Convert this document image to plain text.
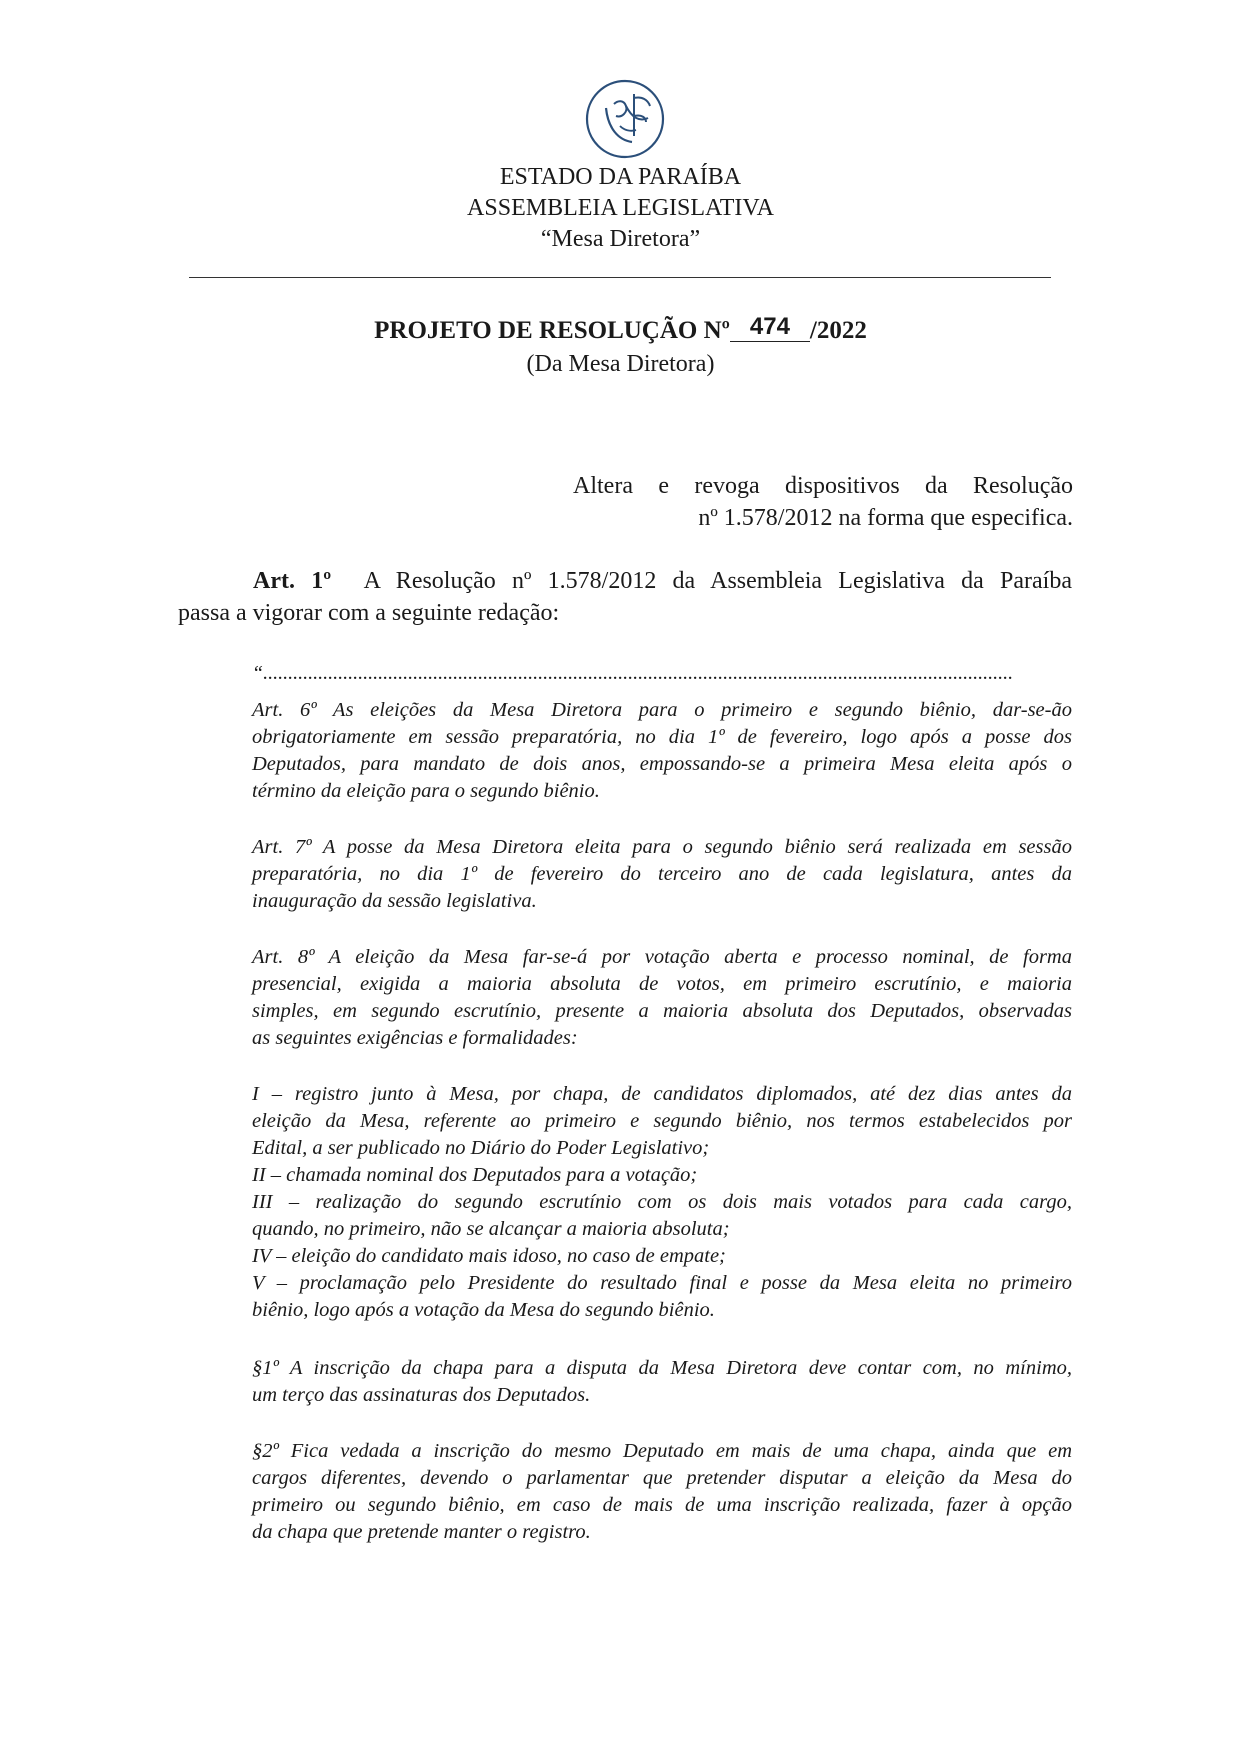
ESTADO DA PARAÍBA
ASSEMBLEIA LEGISLATIVA
“Mesa Diretora”
PROJETO DE RESOLUÇÃO Nº 474 /2022
(Da Mesa Diretora)
Altera e revoga dispositivos da Resolução
nº 1.578/2012 na forma que especifica.
Art. 1º A Resolução nº 1.578/2012 da Assembleia Legislativa da Paraíba
passa a vigorar com a seguinte redação:
“......................................................................................................................................................
Art. 6º As eleições da Mesa Diretora para o primeiro e segundo biênio, dar-se-ão
obrigatoriamente em sessão preparatória, no dia 1º de fevereiro, logo após a posse dos
Deputados, para mandato de dois anos, empossando-se a primeira Mesa eleita após o
término da eleição para o segundo biênio.
Art. 7º A posse da Mesa Diretora eleita para o segundo biênio será realizada em sessão
preparatória, no dia 1º de fevereiro do terceiro ano de cada legislatura, antes da
inauguração da sessão legislativa.
Art. 8º A eleição da Mesa far-se-á por votação aberta e processo nominal, de forma
presencial, exigida a maioria absoluta de votos, em primeiro escrutínio, e maioria
simples, em segundo escrutínio, presente a maioria absoluta dos Deputados, observadas
as seguintes exigências e formalidades:
I – registro junto à Mesa, por chapa, de candidatos diplomados, até dez dias antes da
eleição da Mesa, referente ao primeiro e segundo biênio, nos termos estabelecidos por
Edital, a ser publicado no Diário do Poder Legislativo;
II – chamada nominal dos Deputados para a votação;
III – realização do segundo escrutínio com os dois mais votados para cada cargo,
quando, no primeiro, não se alcançar a maioria absoluta;
IV – eleição do candidato mais idoso, no caso de empate;
V – proclamação pelo Presidente do resultado final e posse da Mesa eleita no primeiro
biênio, logo após a votação da Mesa do segundo biênio.
§1º A inscrição da chapa para a disputa da Mesa Diretora deve contar com, no mínimo,
um terço das assinaturas dos Deputados.
§2º Fica vedada a inscrição do mesmo Deputado em mais de uma chapa, ainda que em
cargos diferentes, devendo o parlamentar que pretender disputar a eleição da Mesa do
primeiro ou segundo biênio, em caso de mais de uma inscrição realizada, fazer à opção
da chapa que pretende manter o registro.
